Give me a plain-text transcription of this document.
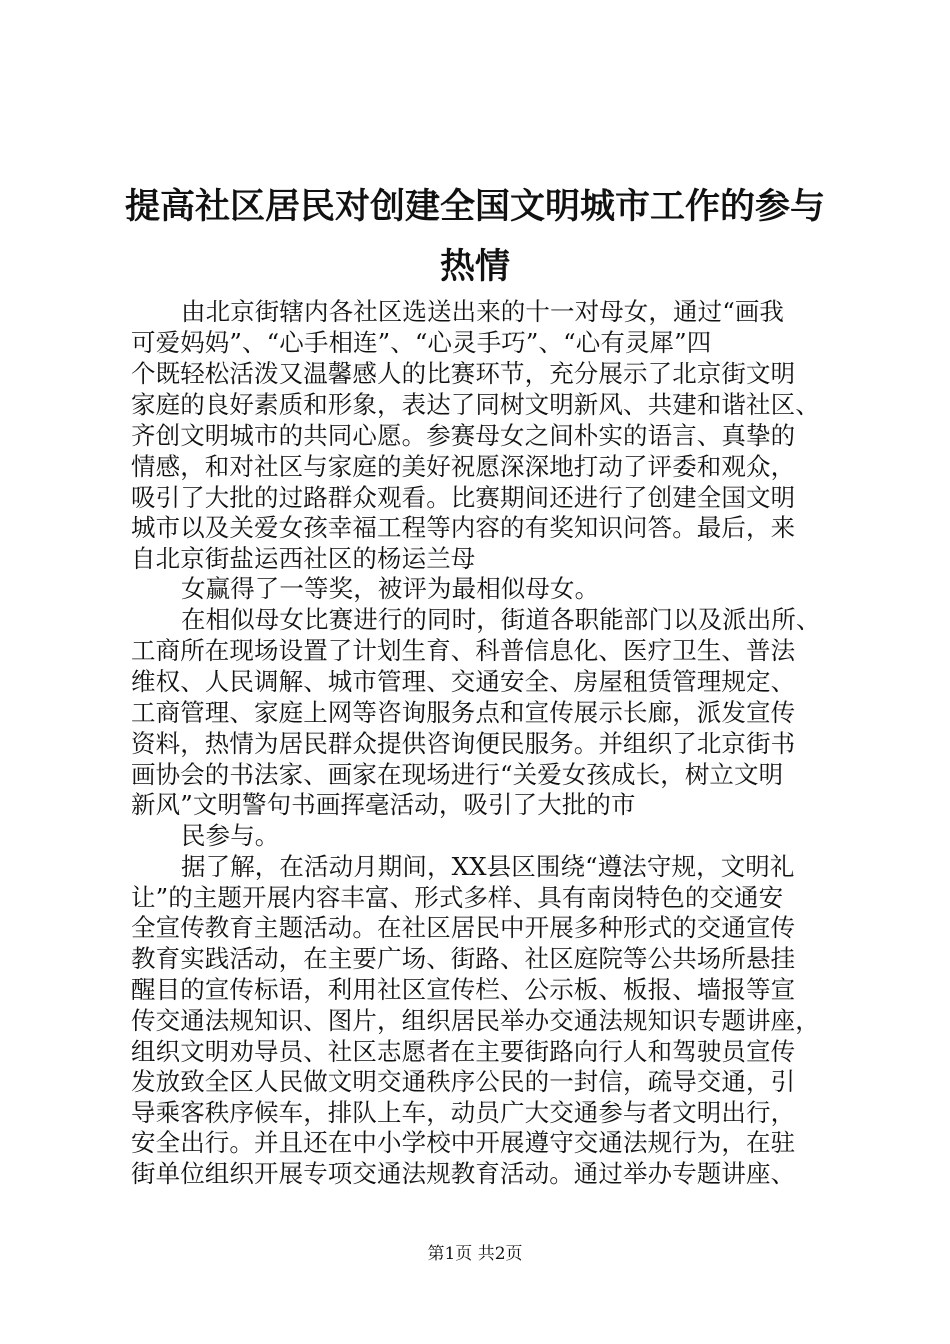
提高社区居民对创建全国文明城市工作的参与
热情
由北京街辖内各社区选送出来的十一对母女，通过“画我
可爱妈妈”、“心手相连”、“心灵手巧”、“心有灵犀”四
个既轻松活泼又温馨感人的比赛环节，充分展示了北京街文明
家庭的良好素质和形象，表达了同树文明新风、共建和谐社区、
齐创文明城市的共同心愿。参赛母女之间朴实的语言、真挚的
情感，和对社区与家庭的美好祝愿深深地打动了评委和观众，
吸引了大批的过路群众观看。比赛期间还进行了创建全国文明
城市以及关爱女孩幸福工程等内容的有奖知识问答。最后，来
自北京街盐运西社区的杨运兰母
女赢得了一等奖，被评为最相似母女。
在相似母女比赛进行的同时，街道各职能部门以及派出所、
工商所在现场设置了计划生育、科普信息化、医疗卫生、普法
维权、人民调解、城市管理、交通安全、房屋租赁管理规定、
工商管理、家庭上网等咨询服务点和宣传展示长廊，派发宣传
资料，热情为居民群众提供咨询便民服务。并组织了北京街书
画协会的书法家、画家在现场进行“关爱女孩成长，树立文明
新风”文明警句书画挥毫活动，吸引了大批的市
民参与。
据了解，在活动月期间，XX县区围绕“遵法守规，文明礼
让”的主题开展内容丰富、形式多样、具有南岗特色的交通安
全宣传教育主题活动。在社区居民中开展多种形式的交通宣传
教育实践活动，在主要广场、街路、社区庭院等公共场所悬挂
醒目的宣传标语，利用社区宣传栏、公示板、板报、墙报等宣
传交通法规知识、图片，组织居民举办交通法规知识专题讲座，
组织文明劝导员、社区志愿者在主要街路向行人和驾驶员宣传
发放致全区人民做文明交通秩序公民的一封信，疏导交通，引
导乘客秩序候车，排队上车，动员广大交通参与者文明出行，
安全出行。并且还在中小学校中开展遵守交通法规行为，在驻
街单位组织开展专项交通法规教育活动。通过举办专题讲座、
第1页 共2页
